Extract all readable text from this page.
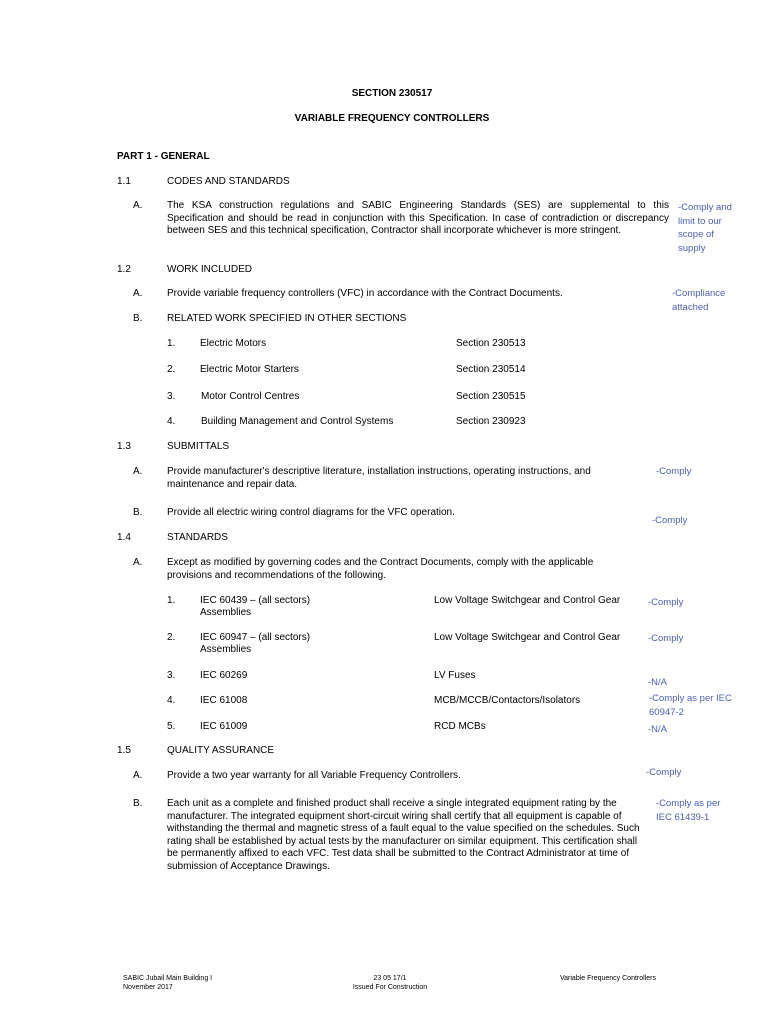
SECTION 230517
VARIABLE FREQUENCY CONTROLLERS
PART 1 - GENERAL
1.1	CODES AND STANDARDS
A. The KSA construction regulations and SABIC Engineering Standards (SES) are supplemental to this Specification and should be read in conjunction with this Specification. In case of contradiction or discrepancy between SES and this technical specification, Contractor shall incorporate whichever is more stringent.
-Comply and limit to our scope of supply
1.2	WORK INCLUDED
A. Provide variable frequency controllers (VFC) in accordance with the Contract Documents.	-Compliance attached
B. RELATED WORK SPECIFIED IN OTHER SECTIONS
1. Electric Motors	Section 230513
2. Electric Motor Starters	Section 230514
3.	Motor Control Centres	Section 230515
4.	Building Management and Control Systems	Section 230923
1.3	SUBMITTALS
A. Provide manufacturer's descriptive literature, installation instructions, operating instructions, and maintenance and repair data.
-Comply
B. Provide all electric wiring control diagrams for the VFC operation.
-Comply
1.4	STANDARDS
A. Except as modified by governing codes and the Contract Documents, comply with the applicable provisions and recommendations of the following.
1. IEC 60439 – (all sectors)
Assemblies
Low Voltage Switchgear and Control Gear	-Comply
2. IEC 60947 – (all sectors)
Assemblies
Low Voltage Switchgear and Control Gear	-Comply
3. IEC 60269	LV Fuses
-N/A
4. IEC 61008	MCB/MCCB/Contactors/Isolators	-Comply as per IEC 60947-2
5. IEC 61009	RCD MCBs	-N/A
1.5	QUALITY ASSURANCE
A. Provide a two year warranty for all Variable Frequency Controllers.	-Comply
B. Each unit as a complete and finished product shall receive a single integrated equipment rating by the manufacturer. The integrated equipment short-circuit wiring shall certify that all equipment is capable of withstanding the thermal and magnetic stress of a fault equal to the value specified on the schedules. Such rating shall be established by actual tests by the manufacturer on similar equipment. This certification shall be permanently affixed to each VFC. Test data shall be submitted to the Contract Administrator at time of submission of Acceptance Drawings.
-Comply as per IEC 61439-1
SABIC Jubail Main Building I
November 2017
23 05 17/1
Issued For Construction
Variable Frequency Controllers
